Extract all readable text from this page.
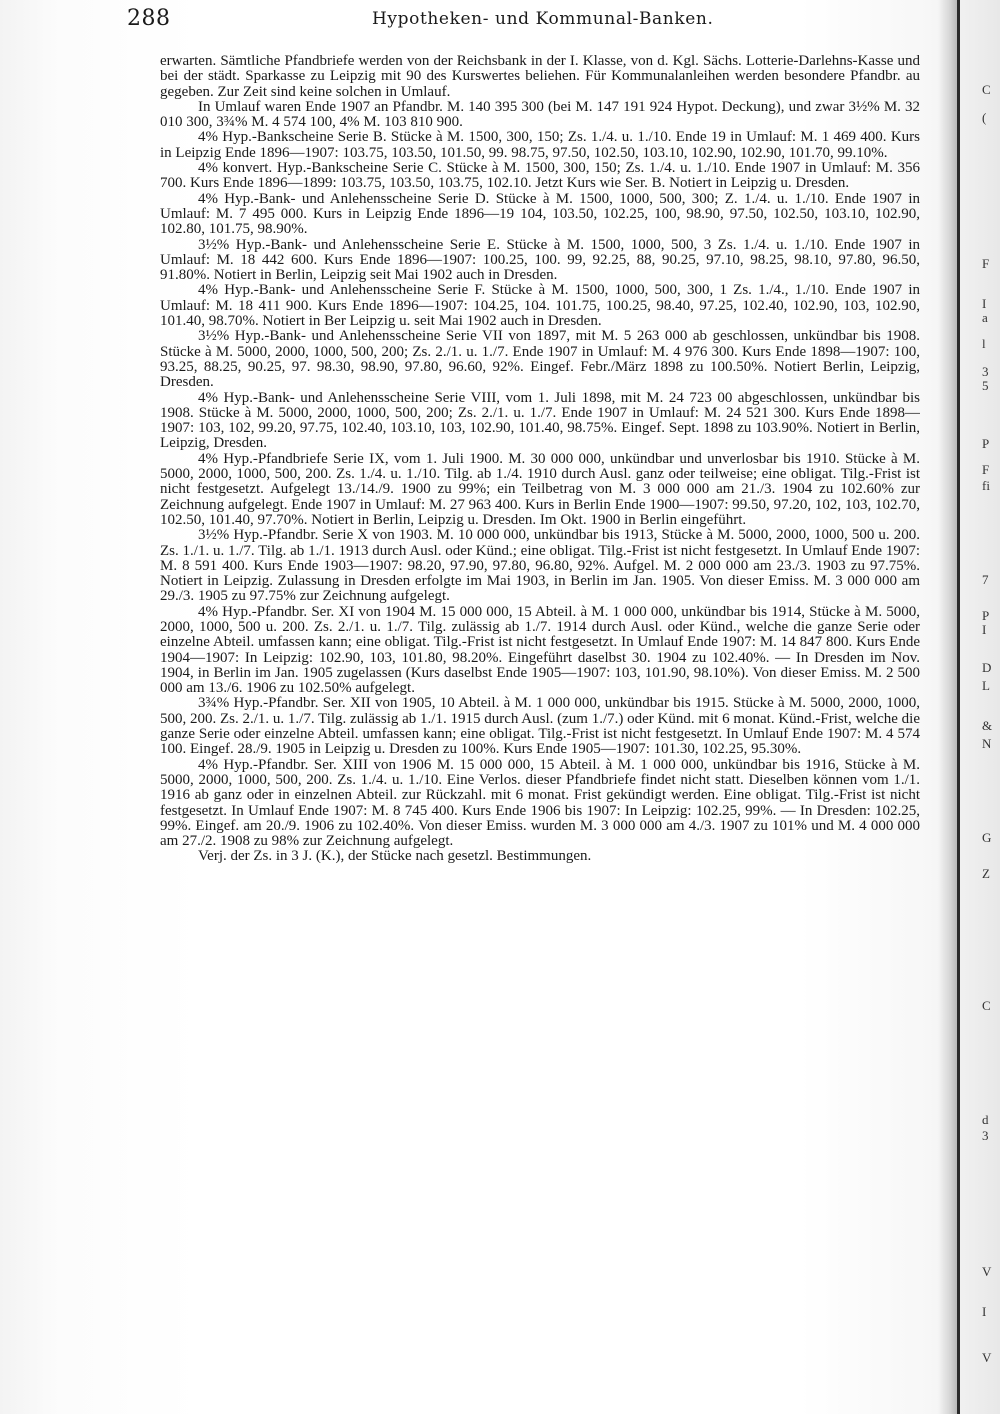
288	Hypotheken- und Kommunal-Banken.

erwarten. Sämtliche Pfandbriefe werden von der Reichsbank in der I. Klasse, von d. Kgl. Sächs. Lotterie-Darlehns-Kasse und bei der städt. Sparkasse zu Leipzig mit 90 des Kurswertes beliehen. Für Kommunalanleihen werden besondere Pfandbr. au gegeben. Zur Zeit sind keine solchen in Umlauf.

In Umlauf waren Ende 1907 an Pfandbr. M. 140 395 300 (bei M. 147 191 924 Hypot. Deckung), und zwar 3½% M. 32 010 300, 3¾% M. 4 574 100, 4% M. 103 810 900.

4% Hyp.-Bankscheine Serie B. Stücke à M. 1500, 300, 150; Zs. 1./4. u. 1./10. Ende 19 in Umlauf: M. 1 469 400. Kurs in Leipzig Ende 1896—1907: 103.75, 103.50, 101.50, 99. 98.75, 97.50, 102.50, 103.10, 102.90, 102.90, 101.70, 99.10%.

4% konvert. Hyp.-Bankscheine Serie C. Stücke à M. 1500, 300, 150; Zs. 1./4. u. 1./10. Ende 1907 in Umlauf: M. 356 700. Kurs Ende 1896—1899: 103.75, 103.50, 103.75, 102.10. Jetzt Kurs wie Ser. B. Notiert in Leipzig u. Dresden.

4% Hyp.-Bank- und Anlehensscheine Serie D. Stücke à M. 1500, 1000, 500, 300; Z. 1./4. u. 1./10. Ende 1907 in Umlauf: M. 7 495 000. Kurs in Leipzig Ende 1896—19 104, 103.50, 102.25, 100, 98.90, 97.50, 102.50, 103.10, 102.90, 102.80, 101.75, 98.90%.

3½% Hyp.-Bank- und Anlehensscheine Serie E. Stücke à M. 1500, 1000, 500, 3 Zs. 1./4. u. 1./10. Ende 1907 in Umlauf: M. 18 442 600. Kurs Ende 1896—1907: 100.25, 100. 99, 92.25, 88, 90.25, 97.10, 98.25, 98.10, 97.80, 96.50, 91.80%. Notiert in Berlin, Leipzig seit Mai 1902 auch in Dresden.

4% Hyp.-Bank- und Anlehensscheine Serie F. Stücke à M. 1500, 1000, 500, 300, 1 Zs. 1./4., 1./10. Ende 1907 in Umlauf: M. 18 411 900. Kurs Ende 1896—1907: 104.25, 104. 101.75, 100.25, 98.40, 97.25, 102.40, 102.90, 103, 102.90, 101.40, 98.70%. Notiert in Ber Leipzig u. seit Mai 1902 auch in Dresden.

3½% Hyp.-Bank- und Anlehensscheine Serie VII von 1897, mit M. 5 263 000 ab geschlossen, unkündbar bis 1908. Stücke à M. 5000, 2000, 1000, 500, 200; Zs. 2./1. u. 1./7. Ende 1907 in Umlauf: M. 4 976 300. Kurs Ende 1898—1907: 100, 93.25, 88.25, 90.25, 97. 98.30, 98.90, 97.80, 96.60, 92%. Eingef. Febr./März 1898 zu 100.50%. Notiert Berlin, Leipzig, Dresden.

4% Hyp.-Bank- und Anlehensscheine Serie VIII, vom 1. Juli 1898, mit M. 24 723 00 abgeschlossen, unkündbar bis 1908. Stücke à M. 5000, 2000, 1000, 500, 200; Zs. 2./1. u. 1./7. Ende 1907 in Umlauf: M. 24 521 300. Kurs Ende 1898—1907: 103, 102, 99.20, 97.75, 102.40, 103.10, 103, 102.90, 101.40, 98.75%. Eingef. Sept. 1898 zu 103.90%. Notiert in Berlin, Leipzig, Dresden.

4% Hyp.-Pfandbriefe Serie IX, vom 1. Juli 1900. M. 30 000 000, unkündbar und unverlosbar bis 1910. Stücke à M. 5000, 2000, 1000, 500, 200. Zs. 1./4. u. 1./10. Tilg. ab 1./4. 1910 durch Ausl. ganz oder teilweise; eine obligat. Tilg.-Frist ist nicht festgesetzt. Aufgelegt 13./14./9. 1900 zu 99%; ein Teilbetrag von M. 3 000 000 am 21./3. 1904 zu 102.60% zur Zeichnung aufgelegt. Ende 1907 in Umlauf: M. 27 963 400. Kurs in Berlin Ende 1900—1907: 99.50, 97.20, 102, 103, 102.70, 102.50, 101.40, 97.70%. Notiert in Berlin, Leipzig u. Dresden. Im Okt. 1900 in Berlin eingeführt.

3½% Hyp.-Pfandbr. Serie X von 1903. M. 10 000 000, unkündbar bis 1913, Stücke à M. 5000, 2000, 1000, 500 u. 200. Zs. 1./1. u. 1./7. Tilg. ab 1./1. 1913 durch Ausl. oder Künd.; eine obligat. Tilg.-Frist ist nicht festgesetzt. In Umlauf Ende 1907: M. 8 591 400. Kurs Ende 1903—1907: 98.20, 97.90, 97.80, 96.80, 92%. Aufgel. M. 2 000 000 am 23./3. 1903 zu 97.75%. Notiert in Leipzig. Zulassung in Dresden erfolgte im Mai 1903, in Berlin im Jan. 1905. Von dieser Emiss. M. 3 000 000 am 29./3. 1905 zu 97.75% zur Zeichnung aufgelegt.

4% Hyp.-Pfandbr. Ser. XI von 1904 M. 15 000 000, 15 Abteil. à M. 1 000 000, unkündbar bis 1914, Stücke à M. 5000, 2000, 1000, 500 u. 200. Zs. 2./1. u. 1./7. Tilg. zulässig ab 1./7. 1914 durch Ausl. oder Künd., welche die ganze Serie oder einzelne Abteil. umfassen kann; eine obligat. Tilg.-Frist ist nicht festgesetzt. In Umlauf Ende 1907: M. 14 847 800. Kurs Ende 1904—1907: In Leipzig: 102.90, 103, 101.80, 98.20%. Eingeführt daselbst 30. 1904 zu 102.40%. — In Dresden im Nov. 1904, in Berlin im Jan. 1905 zugelassen (Kurs daselbst Ende 1905—1907: 103, 101.90, 98.10%). Von dieser Emiss. M. 2 500 000 am 13./6. 1906 zu 102.50% aufgelegt.

3¾% Hyp.-Pfandbr. Ser. XII von 1905, 10 Abteil. à M. 1 000 000, unkündbar bis 1915. Stücke à M. 5000, 2000, 1000, 500, 200. Zs. 2./1. u. 1./7. Tilg. zulässig ab 1./1. 1915 durch Ausl. (zum 1./7.) oder Künd. mit 6 monat. Künd.-Frist, welche die ganze Serie oder einzelne Abteil. umfassen kann; eine obligat. Tilg.-Frist ist nicht festgesetzt. In Umlauf Ende 1907: M. 4 574 100. Eingef. 28./9. 1905 in Leipzig u. Dresden zu 100%. Kurs Ende 1905—1907: 101.30, 102.25, 95.30%.

4% Hyp.-Pfandbr. Ser. XIII von 1906 M. 15 000 000, 15 Abteil. à M. 1 000 000, unkündbar bis 1916, Stücke à M. 5000, 2000, 1000, 500, 200. Zs. 1./4. u. 1./10. Eine Verlos. dieser Pfandbriefe findet nicht statt. Dieselben können vom 1./1. 1916 ab ganz oder in einzelnen Abteil. zur Rückzahl. mit 6 monat. Frist gekündigt werden. Eine obligat. Tilg.-Frist ist nicht festgesetzt. In Umlauf Ende 1907: M. 8 745 400. Kurs Ende 1906 bis 1907: In Leipzig: 102.25, 99%. — In Dresden: 102.25, 99%. Eingef. am 20./9. 1906 zu 102.40%. Von dieser Emiss. wurden M. 3 000 000 am 4./3. 1907 zu 101% und M. 4 000 000 am 27./2. 1908 zu 98% zur Zeichnung aufgelegt.

Verj. der Zs. in 3 J. (K.), der Stücke nach gesetzl. Bestimmungen.

C
(
F
I
a
l
3
5
P
F
fi
7
P
I
D
L
&
N
G
Z
C
d
3
V
I
V
